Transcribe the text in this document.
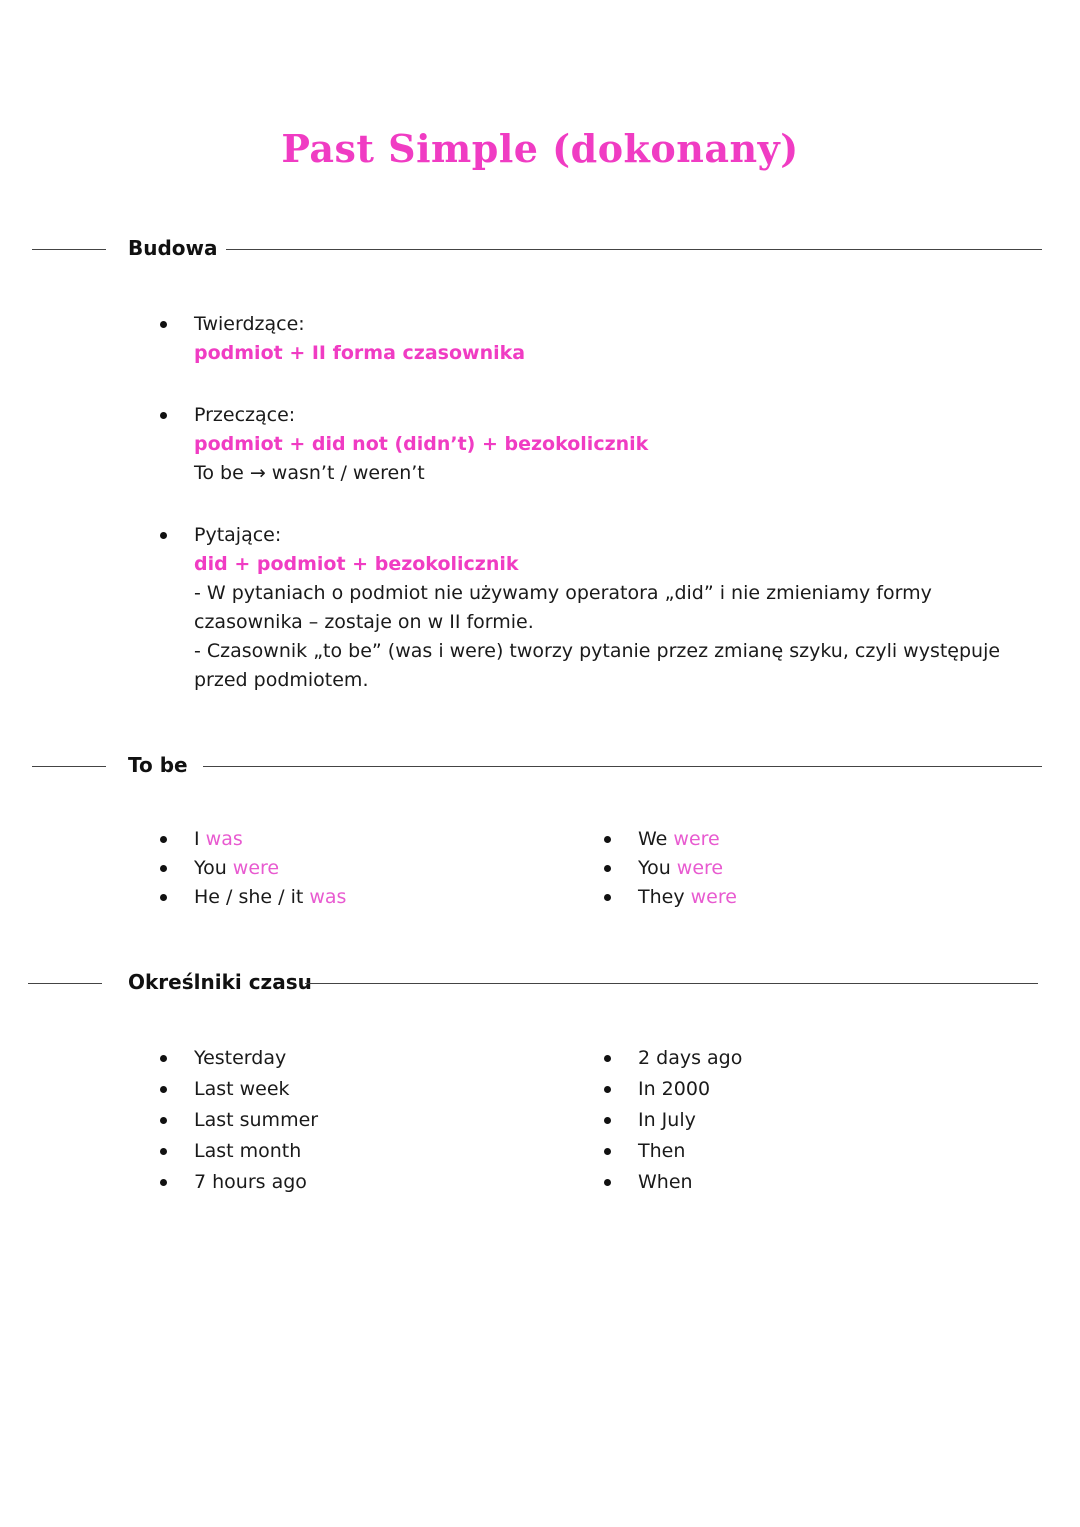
Past Simple (dokonany)
Budowa
Twierdzące:
podmiot + II forma czasownika
Przeczące:
podmiot + did not (didn’t) + bezokolicznik
To be → wasn’t / weren’t
Pytające:
did + podmiot + bezokolicznik
- W pytaniach o podmiot nie używamy operatora „did” i nie zmieniamy formy
czasownika – zostaje on w II formie.
- Czasownik „to be” (was i were) tworzy pytanie przez zmianę szyku, czyli występuje
przed podmiotem.
To be
I was
You were
He / she / it was
We were
You were
They were
Określniki czasu
Yesterday
Last week
Last summer
Last month
7 hours ago
2 days ago
In 2000
In July
Then
When
